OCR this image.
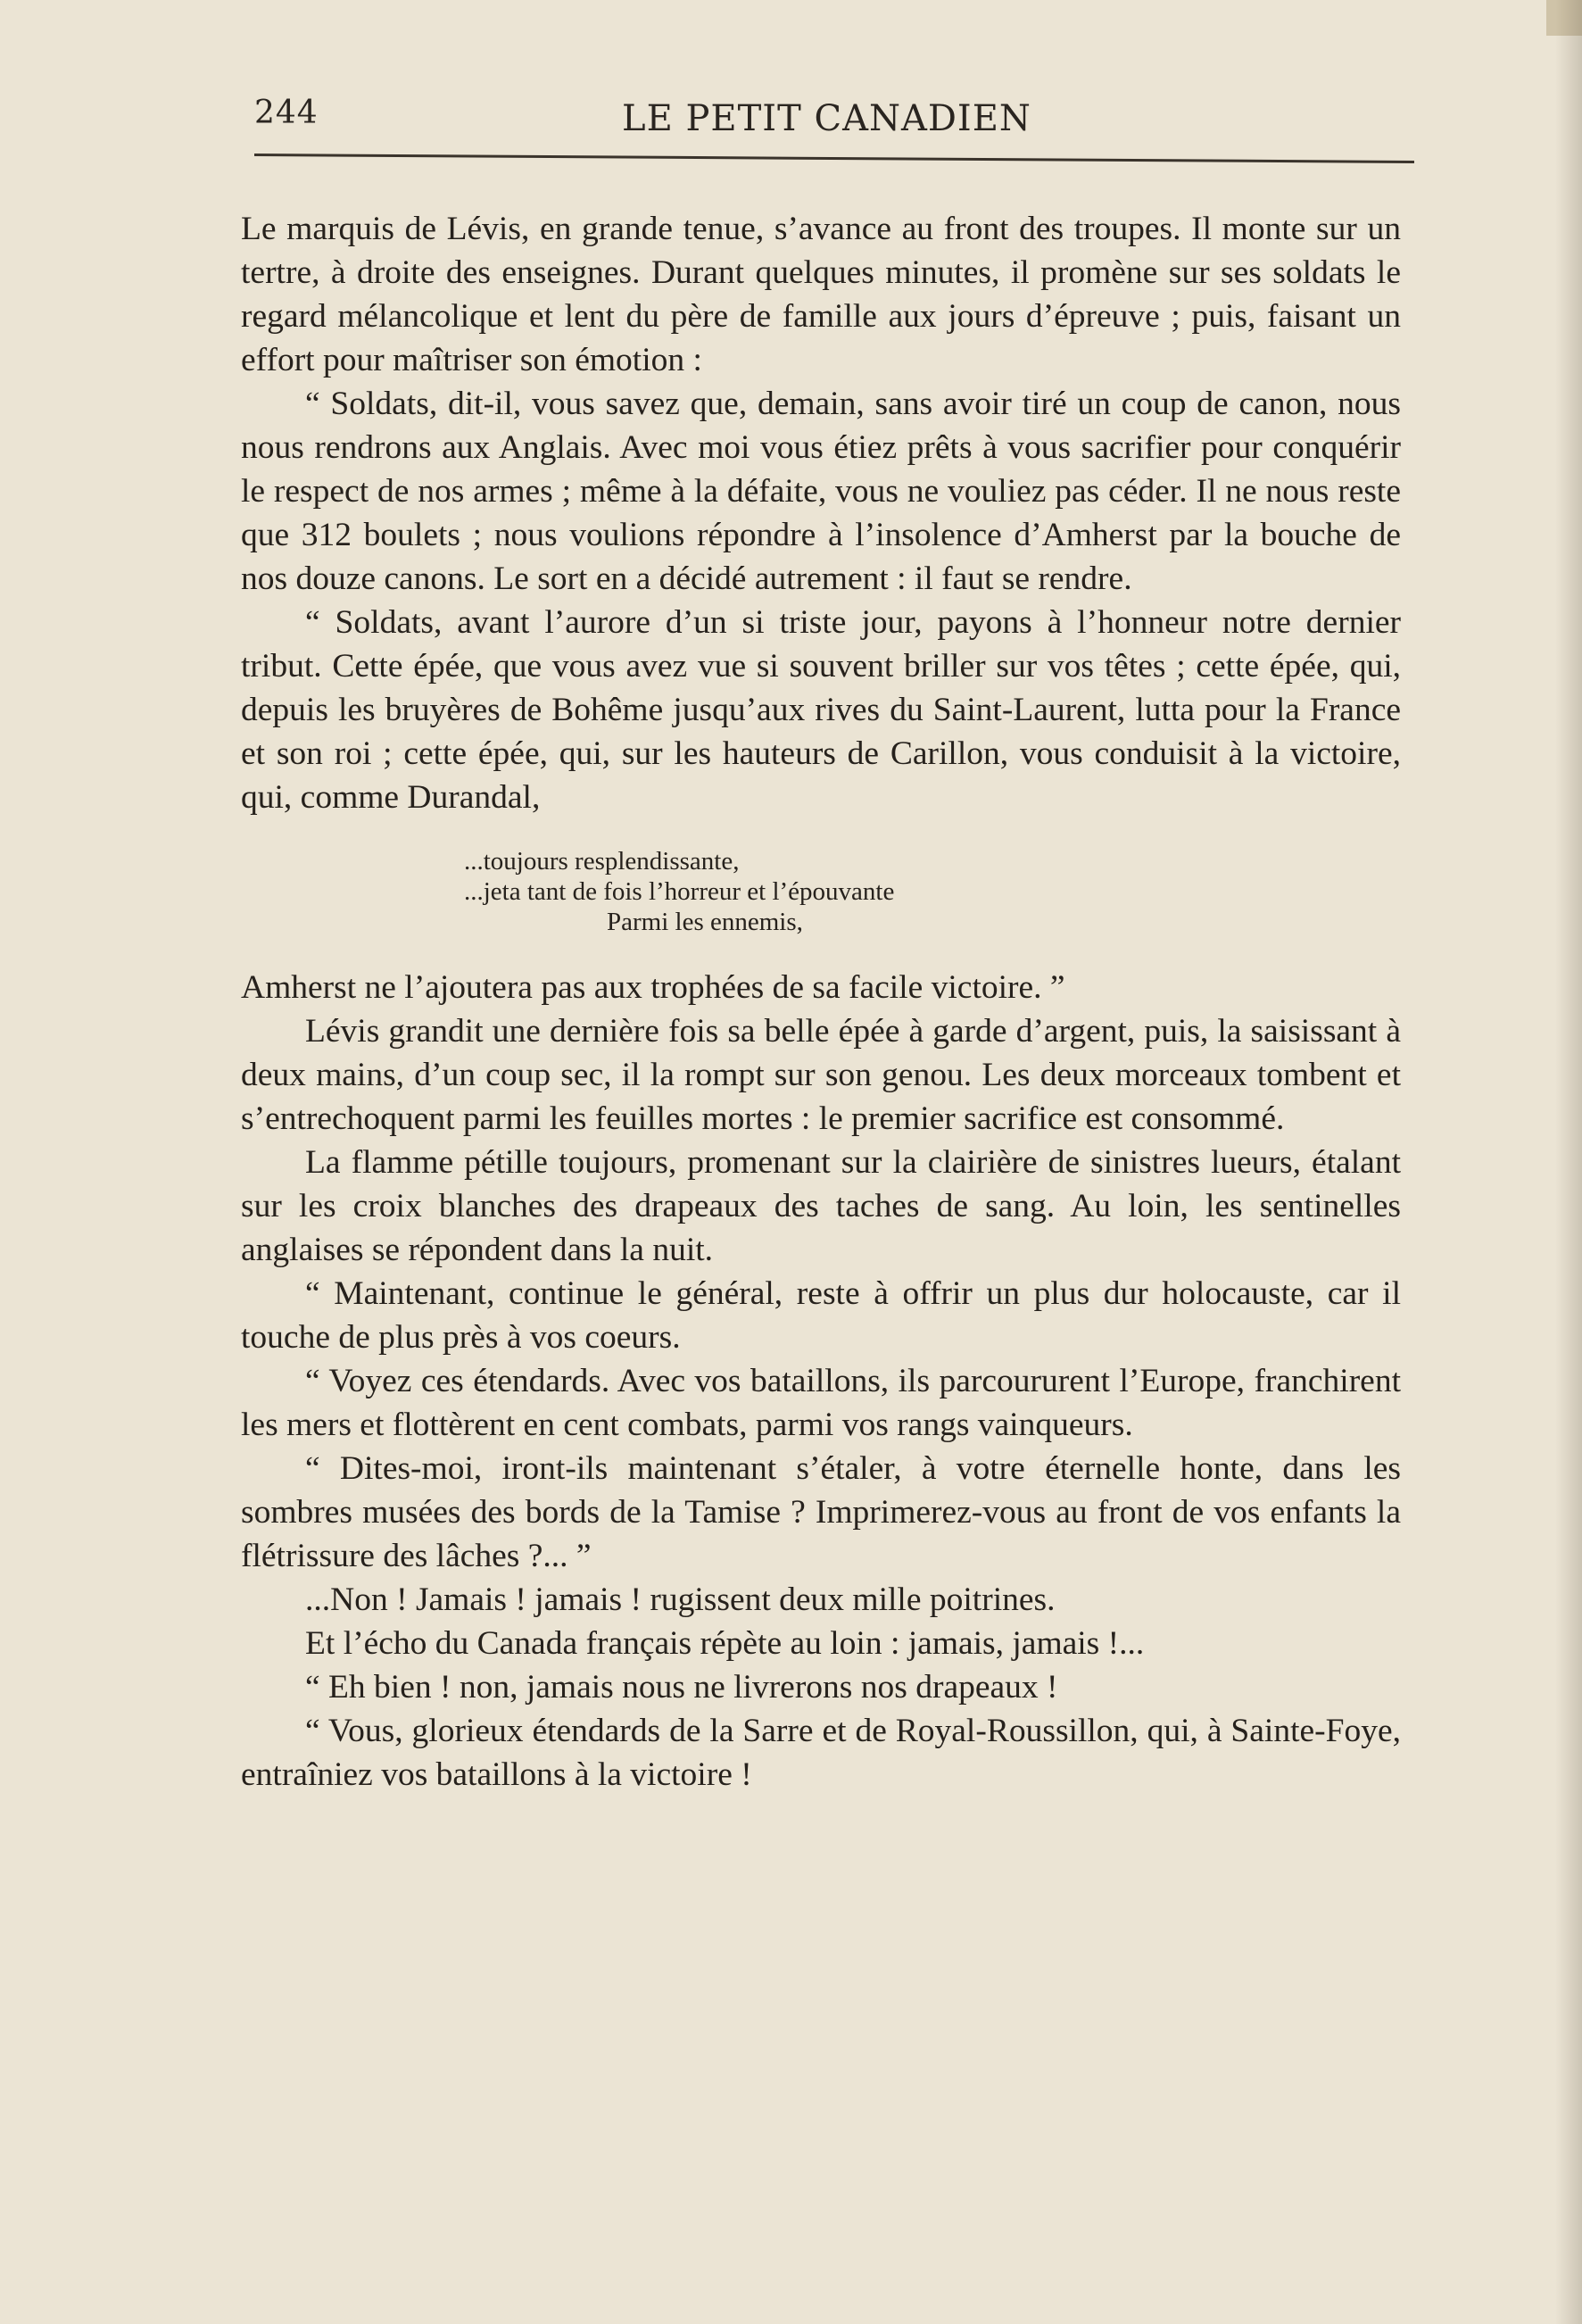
244	LE PETIT CANADIEN

Le marquis de Lévis, en grande tenue, s’avance au front des troupes. Il monte sur un tertre, à droite des enseignes. Durant quelques minutes, il promène sur ses soldats le regard mélancolique et lent du père de famille aux jours d’épreuve ; puis, faisant un effort pour maîtriser son émotion :

“ Soldats, dit-il, vous savez que, demain, sans avoir tiré un coup de canon, nous nous rendrons aux Anglais. Avec moi vous étiez prêts à vous sacrifier pour conquérir le respect de nos armes ; même à la défaite, vous ne vouliez pas céder. Il ne nous reste que 312 boulets ; nous voulions répondre à l’insolence d’Amherst par la bouche de nos douze canons. Le sort en a décidé autrement : il faut se rendre.

“ Soldats, avant l’aurore d’un si triste jour, payons à l’honneur notre dernier tribut. Cette épée, que vous avez vue si souvent briller sur vos têtes ; cette épée, qui, depuis les bruyères de Bohême jusqu’aux rives du Saint-Laurent, lutta pour la France et son roi ; cette épée, qui, sur les hauteurs de Carillon, vous conduisit à la victoire, qui, comme Durandal,

...toujours resplendissante,
...jeta tant de fois l’horreur et l’épouvante
Parmi les ennemis,

Amherst ne l’ajoutera pas aux trophées de sa facile victoire. ”

Lévis grandit une dernière fois sa belle épée à garde d’argent, puis, la saisissant à deux mains, d’un coup sec, il la rompt sur son genou. Les deux morceaux tombent et s’entrechoquent parmi les feuilles mortes : le premier sacrifice est consommé.

La flamme pétille toujours, promenant sur la clairière de sinistres lueurs, étalant sur les croix blanches des drapeaux des taches de sang. Au loin, les sentinelles anglaises se répondent dans la nuit.

“ Maintenant, continue le général, reste à offrir un plus dur holocauste, car il touche de plus près à vos coeurs.

“ Voyez ces étendards. Avec vos bataillons, ils parcoururent l’Europe, franchirent les mers et flottèrent en cent combats, parmi vos rangs vainqueurs.

“ Dites-moi, iront-ils maintenant s’étaler, à votre éternelle honte, dans les sombres musées des bords de la Tamise ? Imprimerez-vous au front de vos enfants la flétrissure des lâches ?... ”

...Non ! Jamais ! jamais ! rugissent deux mille poitrines.

Et l’écho du Canada français répète au loin : jamais, jamais !...

“ Eh bien ! non, jamais nous ne livrerons nos drapeaux !

“ Vous, glorieux étendards de la Sarre et de Royal-Roussillon, qui, à Sainte-Foye, entraîniez vos bataillons à la victoire !
